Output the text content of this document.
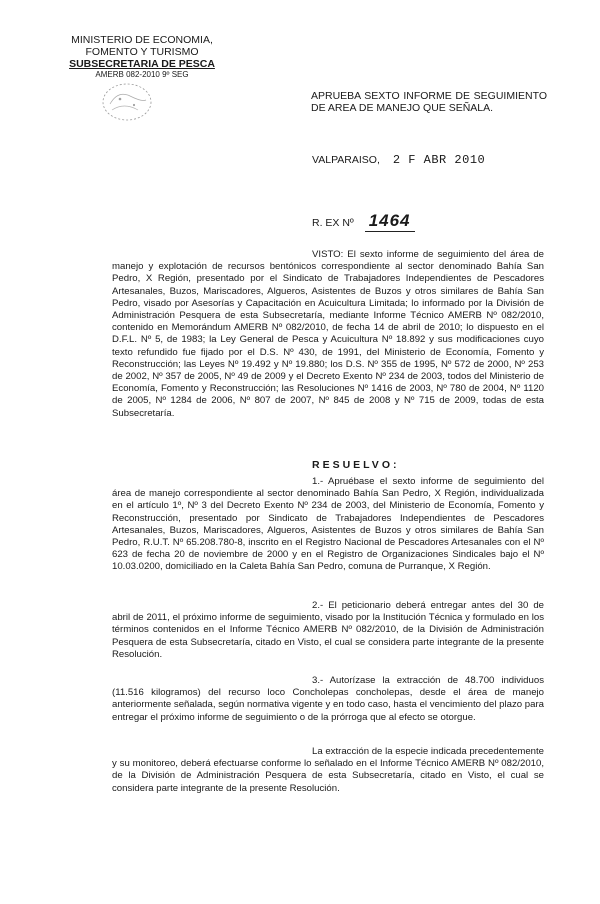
MINISTERIO DE ECONOMIA,
FOMENTO Y TURISMO
SUBSECRETARIA DE PESCA
AMERB 082-2010 9º SEG
APRUEBA SEXTO INFORME DE SEGUIMIENTO DE AREA DE MANEJO QUE SEÑALA.
VALPARAISO, 2 F ABR 2010
R. EX Nº 1464
VISTO: El sexto informe de seguimiento del área de manejo y explotación de recursos bentónicos correspondiente al sector denominado Bahía San Pedro, X Región, presentado por el Sindicato de Trabajadores Independientes de Pescadores Artesanales, Buzos, Mariscadores, Algueros, Asistentes de Buzos y otros similares de Bahía San Pedro, visado por Asesorías y Capacitación en Acuicultura Limitada; lo informado por la División de Administración Pesquera de esta Subsecretaría, mediante Informe Técnico AMERB Nº 082/2010, contenido en Memorándum AMERB Nº 082/2010, de fecha 14 de abril de 2010; lo dispuesto en el D.F.L. Nº 5, de 1983; la Ley General de Pesca y Acuicultura Nº 18.892 y sus modificaciones cuyo texto refundido fue fijado por el D.S. Nº 430, de 1991, del Ministerio de Economía, Fomento y Reconstrucción; las Leyes Nº 19.492 y Nº 19.880; los D.S. Nº 355 de 1995, Nº 572 de 2000, Nº 253 de 2002, Nº 357 de 2005, Nº 49 de 2009 y el Decreto Exento Nº 234 de 2003, todos del Ministerio de Economía, Fomento y Reconstrucción; las Resoluciones Nº 1416 de 2003, Nº 780 de 2004, Nº 1120 de 2005, Nº 1284 de 2006, Nº 807 de 2007, Nº 845 de 2008 y Nº 715 de 2009, todas de esta Subsecretaría.
RESUELVO:
1.- Apruébase el sexto informe de seguimiento del área de manejo correspondiente al sector denominado Bahía San Pedro, X Región, individualizada en el artículo 1º, Nº 3 del Decreto Exento Nº 234 de 2003, del Ministerio de Economía, Fomento y Reconstrucción, presentado por Sindicato de Trabajadores Independientes de Pescadores Artesanales, Buzos, Mariscadores, Algueros, Asistentes de Buzos y otros similares de Bahía San Pedro, R.U.T. Nº 65.208.780-8, inscrito en el Registro Nacional de Pescadores Artesanales con el Nº 623 de fecha 20 de noviembre de 2000 y en el Registro de Organizaciones Sindicales bajo el Nº 10.03.0200, domiciliado en la Caleta Bahía San Pedro, comuna de Purranque, X Región.
2.- El peticionario deberá entregar antes del 30 de abril de 2011, el próximo informe de seguimiento, visado por la Institución Técnica y formulado en los términos contenidos en el Informe Técnico AMERB Nº 082/2010, de la División de Administración Pesquera de esta Subsecretaría, citado en Visto, el cual se considera parte integrante de la presente Resolución.
3.- Autorízase la extracción de 48.700 individuos (11.516 kilogramos) del recurso loco Concholepas concholepas, desde el área de manejo anteriormente señalada, según normativa vigente y en todo caso, hasta el vencimiento del plazo para entregar el próximo informe de seguimiento o de la prórroga que al efecto se otorgue.
La extracción de la especie indicada precedentemente y su monitoreo, deberá efectuarse conforme lo señalado en el Informe Técnico AMERB Nº 082/2010, de la División de Administración Pesquera de esta Subsecretaría, citado en Visto, el cual se considera parte integrante de la presente Resolución.
